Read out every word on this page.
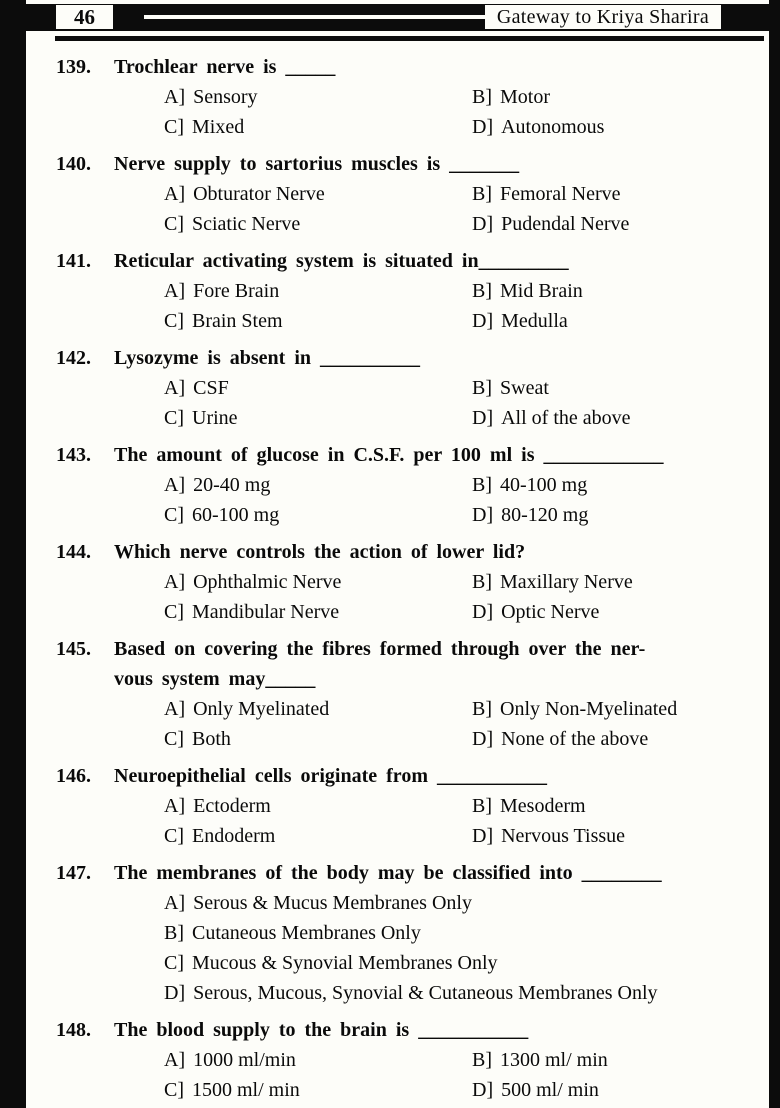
46	Gateway to Kriya Sharira
139.	Trochlear nerve is _____
A] Sensory	B] Motor
C] Mixed	D] Autonomous
140.	Nerve supply to sartorius muscles is _______
A] Obturator Nerve	B] Femoral Nerve
C] Sciatic Nerve	D] Pudendal Nerve
141.	Reticular activating system is situated in_________
A] Fore Brain	B] Mid Brain
C] Brain Stem	D] Medulla
142.	Lysozyme is absent in __________
A] CSF	B] Sweat
C] Urine	D] All of the above
143.	The amount of glucose in C.S.F. per 100 ml is ____________
A] 20-40 mg	B] 40-100 mg
C] 60-100 mg	D] 80-120 mg
144.	Which nerve controls the action of lower lid?
A] Ophthalmic Nerve	B] Maxillary Nerve
C] Mandibular Nerve	D] Optic Nerve
145.	Based on covering the fibres formed through over the ner-
vous system may_____
A] Only Myelinated	B] Only Non-Myelinated
C] Both	D] None of the above
146.	Neuroepithelial cells originate from ___________
A] Ectoderm	B] Mesoderm
C] Endoderm	D] Nervous Tissue
147.	The membranes of the body may be classified into ________
A] Serous & Mucus Membranes Only
B] Cutaneous Membranes Only
C] Mucous & Synovial Membranes Only
D] Serous, Mucous, Synovial & Cutaneous Membranes Only
148.	The blood supply to the brain is ___________
A] 1000 ml/min	B] 1300 ml/ min
C] 1500 ml/ min	D] 500 ml/ min
